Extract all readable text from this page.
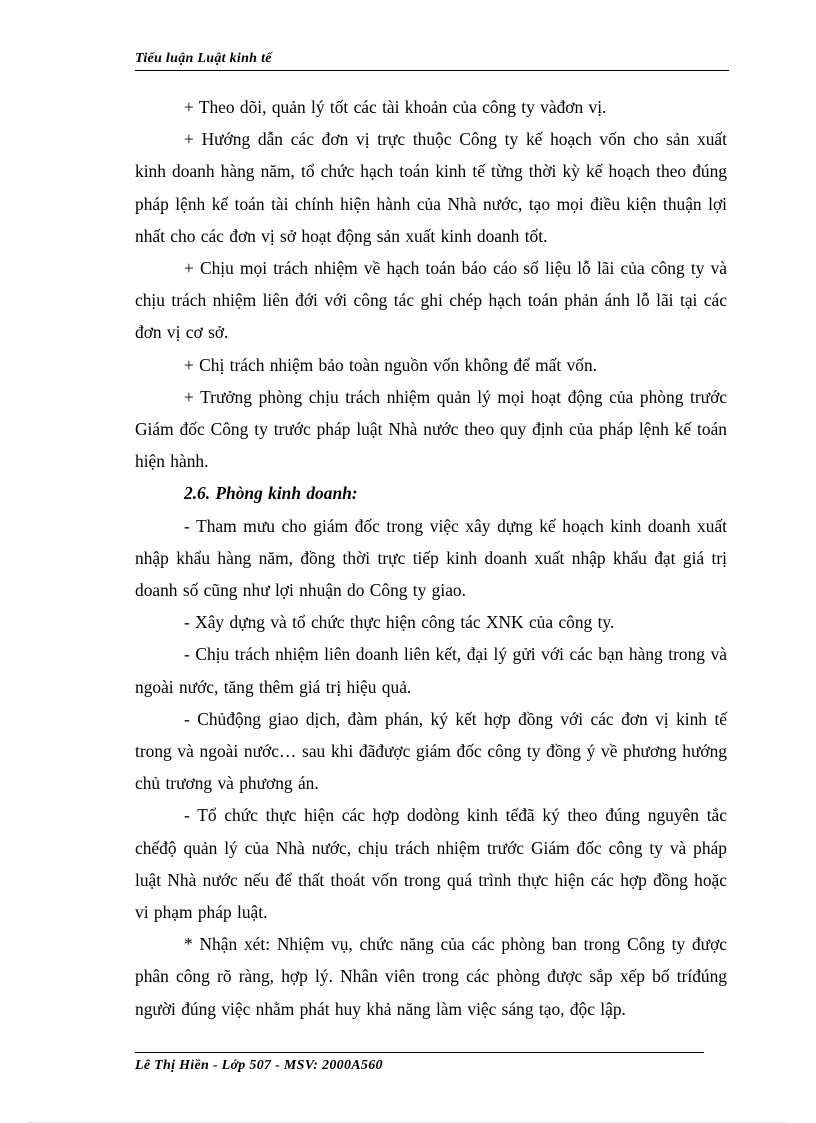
Tiểu luận Luật kinh tế

+ Theo dõi, quản lý tốt các tài khoản của công ty vàđơn vị.

+ Hướng dẫn các đơn vị trực thuộc Công ty kế hoạch vốn cho sản xuất kinh doanh hàng năm, tổ chức hạch toán kinh tế từng thời kỳ kế hoạch theo đúng pháp lệnh kế toán tài chính hiện hành của Nhà nước, tạo mọi điều kiện thuận lợi nhất cho các đơn vị sở hoạt động sản xuất kinh doanh tốt.

+ Chịu mọi trách nhiệm về hạch toán báo cáo số liệu lỗ lãi của công ty và chịu trách nhiệm liên đới với công tác ghi chép hạch toán phản ánh lỗ lãi tại các đơn vị cơ sở.

+ Chị trách nhiệm bảo toàn nguồn vốn không để mất vốn.

+ Trưởng phòng chịu trách nhiệm quản lý mọi hoạt động của phòng trước Giám đốc Công ty trước pháp luật Nhà nước theo quy định của pháp lệnh kế toán hiện hành.

2.6. Phòng kinh doanh:

- Tham mưu cho giám đốc trong việc xây dựng kế hoạch kinh doanh xuất nhập khẩu hàng năm, đồng thời trực tiếp kinh doanh xuất nhập khẩu đạt giá trị doanh số cũng như lợi nhuận do Công ty giao.

- Xây dựng và tổ chức thực hiện công tác XNK của công ty.

- Chịu trách nhiệm liên doanh liên kết, đại lý gửi với các bạn hàng trong và ngoài nước, tăng thêm giá trị hiệu quả.

- Chủđộng giao dịch, đàm phán, ký kết hợp đồng với các đơn vị kinh tế trong và ngoài nước… sau khi đãđược giám đốc công ty đồng ý về phương hướng chủ trương và phương án.

- Tổ chức thực hiện các hợp dodòng kinh tếđã ký theo đúng nguyên tắc chếđộ quản lý của Nhà nước, chịu trách nhiệm trước Giám đốc công ty và pháp luật Nhà nước nếu để thất thoát vốn trong quá trình thực hiện các hợp đồng hoặc vi phạm pháp luật.

* Nhận xét: Nhiệm vụ, chức năng của các phòng ban trong Công ty được phân công rõ ràng, hợp lý. Nhân viên trong các phòng được sắp xếp bố tríđúng người đúng việc nhằm phát huy khả năng làm việc sáng tạo, độc lập.

Lê Thị Hiền - Lớp 507 - MSV: 2000A560
